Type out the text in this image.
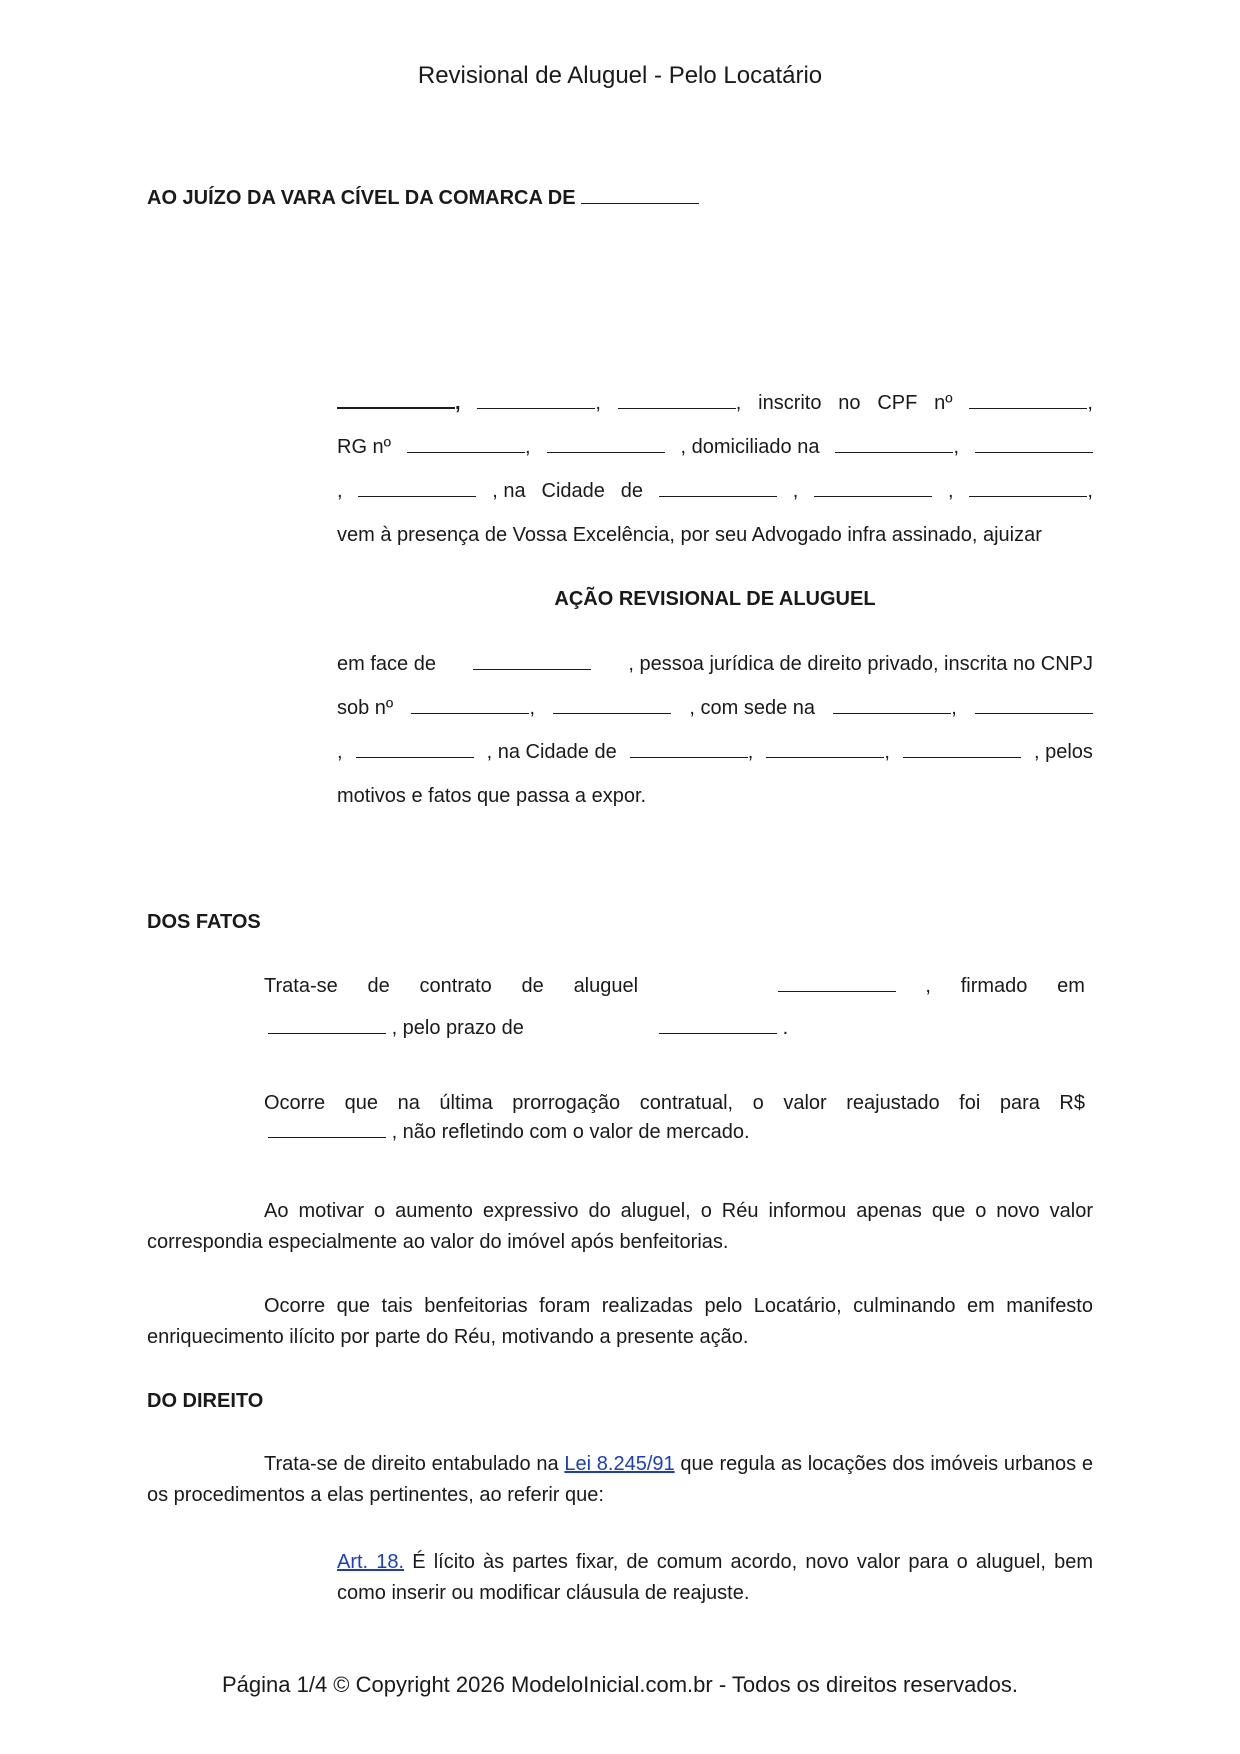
Revisional de Aluguel - Pelo Locatário
AO JUÍZO DA VARA CÍVEL DA COMARCA DE
,	,	, inscrito no CPF nº	,
RG nº	,	, domiciliado na	,
,	, na Cidade de	,	,	,
vem à presença de Vossa Excelência, por seu Advogado infra assinado, ajuizar
AÇÃO REVISIONAL DE ALUGUEL
em face de	, pessoa jurídica de direito privado, inscrita no CNPJ
sob nº	,	, com sede na	,
,	, na Cidade de	,	,	, pelos
motivos e fatos que passa a expor.
DOS FATOS
Trata-se de contrato de aluguel	, firmado em
, pelo prazo de	.
Ocorre que na última prorrogação contratual, o valor reajustado foi para R$
, não refletindo com o valor de mercado.
Ao motivar o aumento expressivo do aluguel, o Réu informou apenas que o novo valor correspondia especialmente ao valor do imóvel após benfeitorias.
Ocorre que tais benfeitorias foram realizadas pelo Locatário, culminando em manifesto enriquecimento ilícito por parte do Réu, motivando a presente ação.
DO DIREITO
Trata-se de direito entabulado na Lei 8.245/91 que regula as locações dos imóveis urbanos e os procedimentos a elas pertinentes, ao referir que:
Art. 18. É lícito às partes fixar, de comum acordo, novo valor para o aluguel, bem como inserir ou modificar cláusula de reajuste.
Página 1/4 © Copyright 2026 ModeloInicial.com.br - Todos os direitos reservados.
